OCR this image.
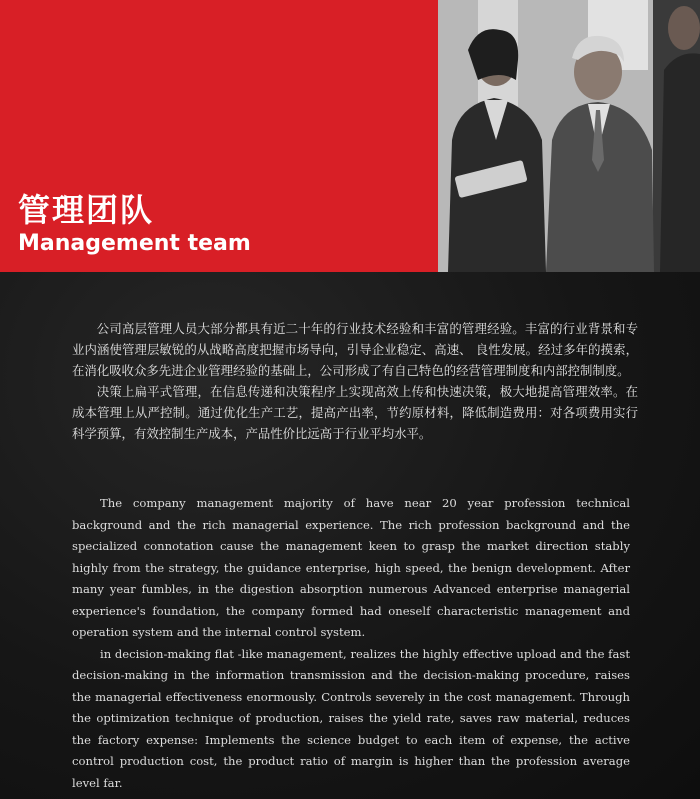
管理团队
Management team

公司高层管理人员大部分都具有近二十年的行业技术经验和丰富的管理经验。丰富的行业背景和专业内涵使管理层敏锐的从战略高度把握市场导向，引导企业稳定、高速、 良性发展。经过多年的摸索，在消化吸收众多先进企业管理经验的基础上，公司形成了有自己特色的经营管理制度和内部控制制度。

决策上扁平式管理，在信息传递和决策程序上实现高效上传和快速决策，极大地提高管理效率。在成本管理上从严控制。通过优化生产工艺，提高产出率，节约原材料，降低制造费用：对各项费用实行科学预算，有效控制生产成本，产品性价比远高于行业平均水平。

The company management majority of have near 20 year profession technical background and the rich managerial experience. The rich profession background and the specialized connotation cause the management keen to grasp the market direction stably highly from the strategy, the guidance enterprise, high speed, the benign development. After many year fumbles, in the digestion absorption numerous Advanced enterprise managerial experience's foundation, the company formed had oneself characteristic management and operation system and the internal control system.

in decision-making flat -like management, realizes the highly effective upload and the fast decision-making in the information transmission and the decision-making procedure, raises the managerial effectiveness enormously. Controls severely in the cost management. Through the optimization technique of production, raises the yield rate, saves raw material, reduces the factory expense: Implements the science budget to each item of expense, the active control production cost, the product ratio of margin is higher than the profession average level far.
